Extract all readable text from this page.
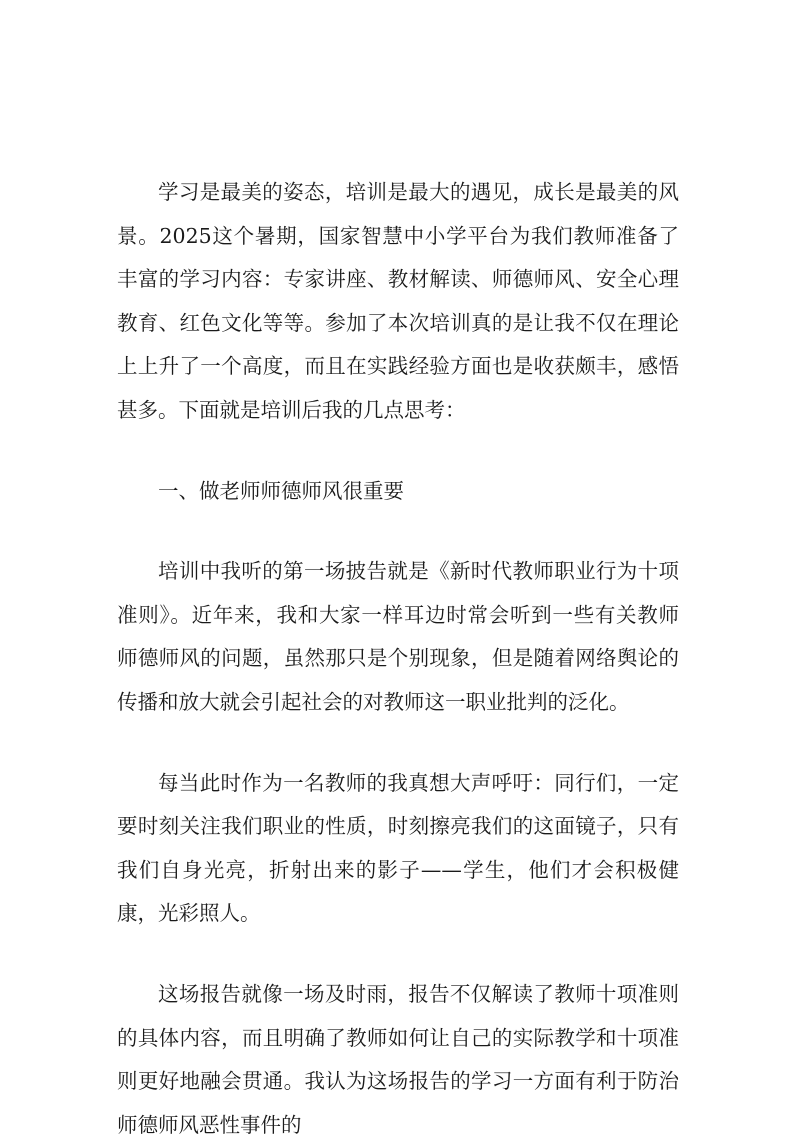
学习是最美的姿态，培训是最大的遇见，成长是最美的风景。2025这个暑期，国家智慧中小学平台为我们教师准备了丰富的学习内容：专家讲座、教材解读、师德师风、安全心理教育、红色文化等等。参加了本次培训真的是让我不仅在理论上上升了一个高度，而且在实践经验方面也是收获颇丰，感悟甚多。下面就是培训后我的几点思考：

一、做老师师德师风很重要

培训中我听的第一场披告就是《新时代教师职业行为十项准则》。近年来，我和大家一样耳边时常会听到一些有关教师师德师风的问题，虽然那只是个别现象，但是随着网络舆论的传播和放大就会引起社会的对教师这一职业批判的泛化。

每当此时作为一名教师的我真想大声呼吁：同行们，一定要时刻关注我们职业的性质，时刻擦亮我们的这面镜子，只有我们自身光亮，折射出来的影子——学生，他们才会积极健康，光彩照人。

这场报告就像一场及时雨，报告不仅解读了教师十项准则的具体内容，而且明确了教师如何让自己的实际教学和十项准则更好地融会贯通。我认为这场报告的学习一方面有利于防治师德师风恶性事件的
